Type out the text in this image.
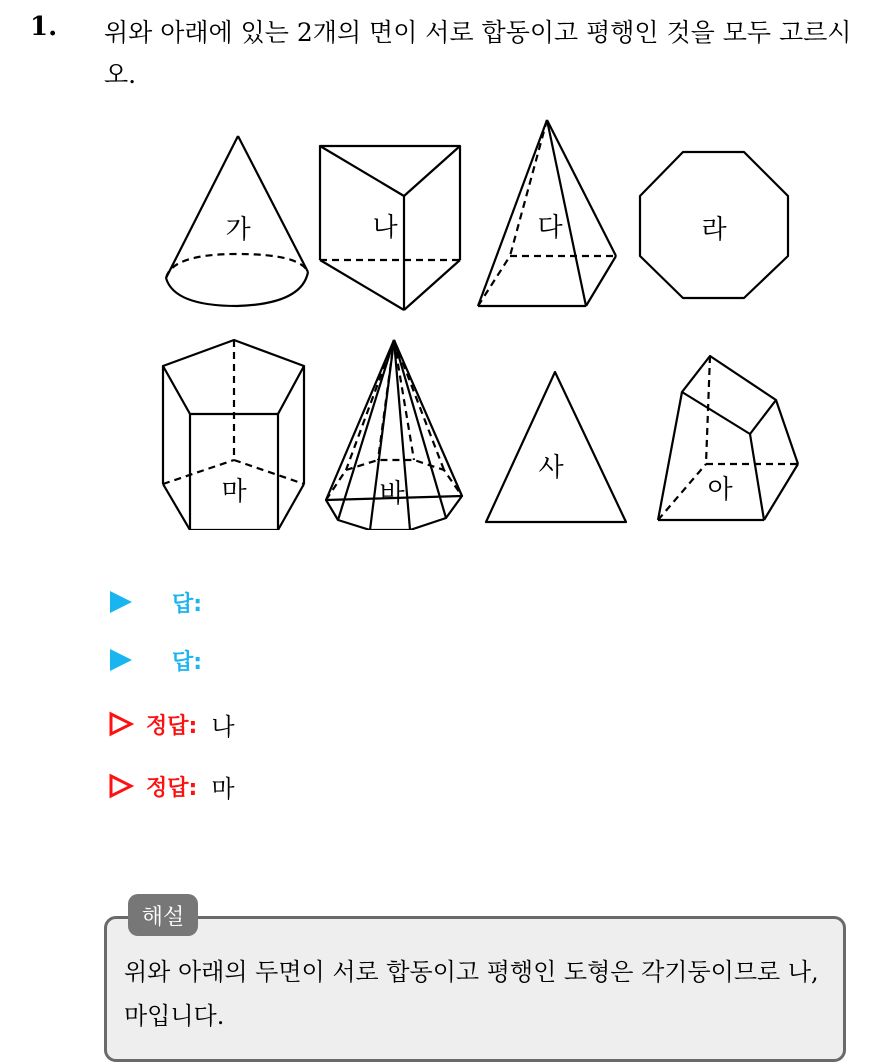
1. 위와 아래에 있는 2개의 면이 서로 합동이고 평행인 것을 모두 고르시오.
가	나	다	라
마	바
사
아
답:
답:
정답: 나
정답: 마
해설
위와 아래의 두면이 서로 합동이고 평행인 도형은 각기둥이므로 나, 마입니다.
